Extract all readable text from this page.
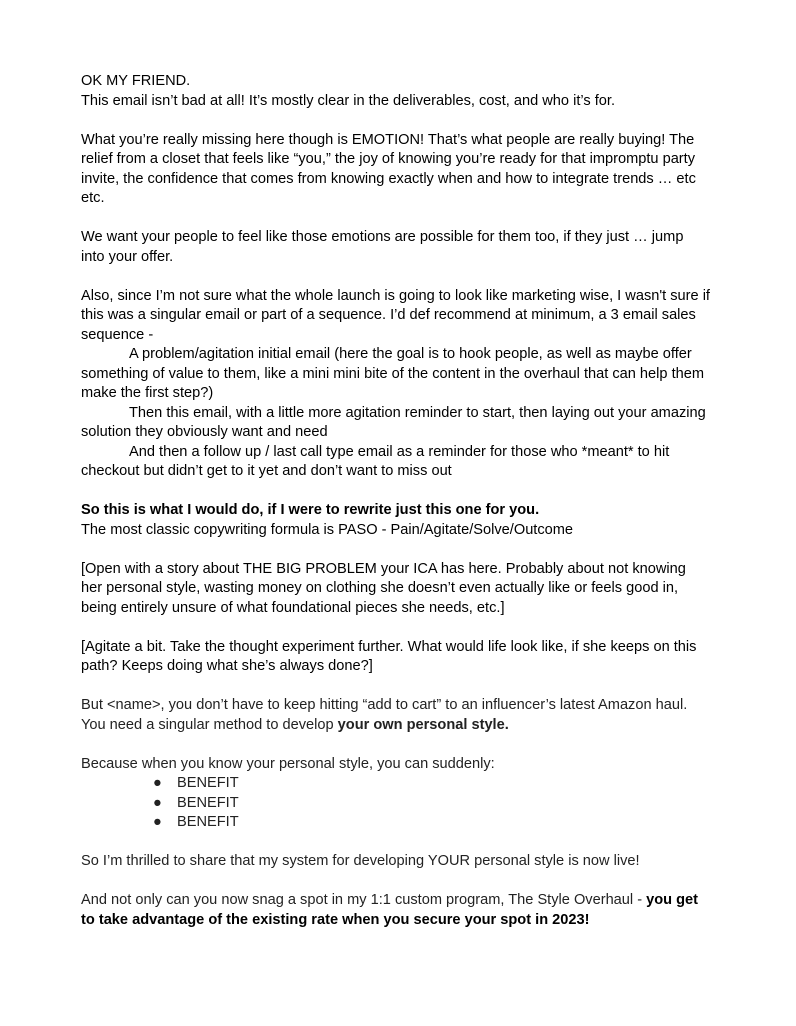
OK MY FRIEND.

This email isn’t bad at all! It’s mostly clear in the deliverables, cost, and who it’s for.

What you’re really missing here though is EMOTION! That’s what people are really buying! The relief from a closet that feels like “you,” the joy of knowing you’re ready for that impromptu party invite, the confidence that comes from knowing exactly when and how to integrate trends … etc etc.

We want your people to feel like those emotions are possible for them too, if they just … jump into your offer.

Also, since I’m not sure what the whole launch is going to look like marketing wise, I wasn't sure if this was a singular email or part of a sequence. I’d def recommend at minimum, a 3 email sales sequence -

A problem/agitation initial email (here the goal is to hook people, as well as maybe offer something of value to them, like a mini mini bite of the content in the overhaul that can help them make the first step?)

Then this email, with a little more agitation reminder to start, then laying out your amazing solution they obviously want and need

And then a follow up / last call type email as a reminder for those who *meant* to hit checkout but didn’t get to it yet and don’t want to miss out

So this is what I would do, if I were to rewrite just this one for you.

The most classic copywriting formula is PASO - Pain/Agitate/Solve/Outcome

[Open with a story about THE BIG PROBLEM your ICA has here. Probably about not knowing her personal style, wasting money on clothing she doesn’t even actually like or feels good in, being entirely unsure of what foundational pieces she needs, etc.]

[Agitate a bit. Take the thought experiment further. What would life look like, if she keeps on this path? Keeps doing what she’s always done?]

But <name>, you don’t have to keep hitting “add to cart” to an influencer’s latest Amazon haul. You need a singular method to develop your own personal style.

Because when you know your personal style, you can suddenly:

● BENEFIT
● BENEFIT
● BENEFIT

So I’m thrilled to share that my system for developing YOUR personal style is now live!

And not only can you now snag a spot in my 1:1 custom program, The Style Overhaul - you get to take advantage of the existing rate when you secure your spot in 2023!
